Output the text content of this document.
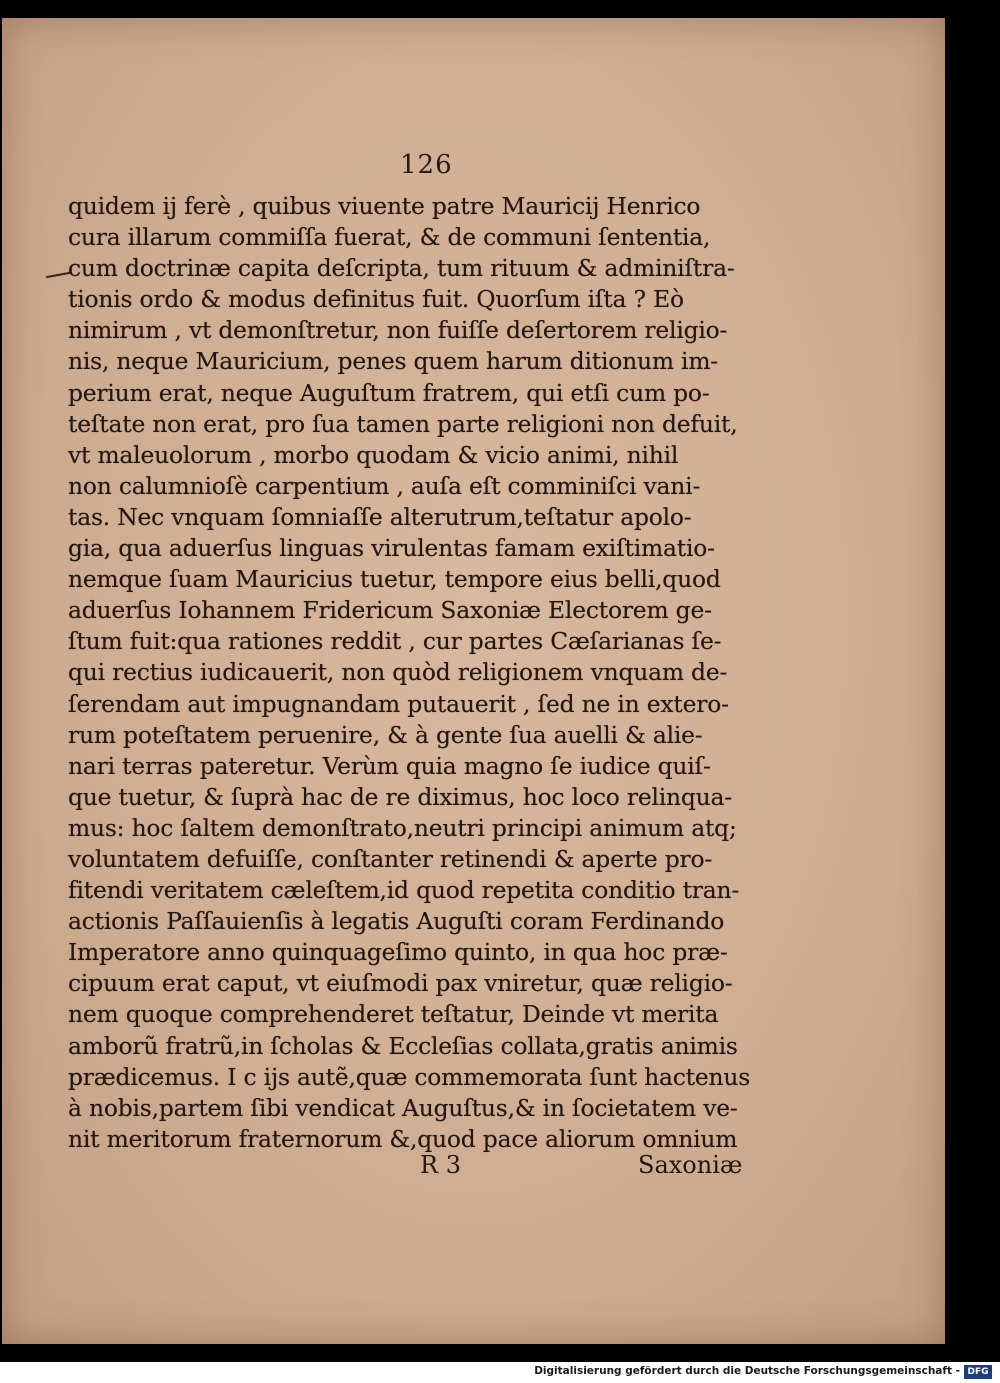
126
quidem ij ferè , quibus viuente patre Mauricij Henrico
cura illarum commiſſa fuerat, & de communi ſententia,
cum doctrinæ capita deſcripta, tum rituum & adminiſtra-
tionis ordo & modus definitus fuit. Quorſum iſta ? Eò
nimirum , vt demonſtretur, non fuiſſe deſertorem religio-
nis, neque Mauricium, penes quem harum ditionum im-
perium erat, neque Auguſtum fratrem, qui etſi cum po-
teſtate non erat, pro ſua tamen parte religioni non defuit,
vt maleuolorum , morbo quodam & vicio animi, nihil
non calumnioſè carpentium , auſa eſt comminiſci vani-
tas. Nec vnquam ſomniaſſe alterutrum,teſtatur apolo-
gia, qua aduerſus linguas virulentas famam exiſtimatio-
nemque ſuam Mauricius tuetur, tempore eius belli,quod
aduerſus Iohannem Fridericum Saxoniæ Electorem ge-
ſtum fuit:qua rationes reddit , cur partes Cæſarianas ſe-
qui rectius iudicauerit, non quòd religionem vnquam de-
ſerendam aut impugnandam putauerit , ſed ne in extero-
rum poteſtatem peruenire, & à gente ſua auelli & alie-
nari terras pateretur. Verùm quia magno ſe iudice quiſ-
que tuetur, & ſuprà hac de re diximus, hoc loco relinqua-
mus: hoc ſaltem demonſtrato,neutri principi animum atq;
voluntatem defuiſſe, conſtanter retinendi & aperte pro-
fitendi veritatem cæleſtem,id quod repetita conditio tran-
actionis Paſſauienſis à legatis Auguſti coram Ferdinando
Imperatore anno quinquageſimo quinto, in qua hoc præ-
cipuum erat caput, vt eiuſmodi pax vniretur, quæ religio-
nem quoque comprehenderet teſtatur, Deinde vt merita
amborũ fratrũ,in ſcholas & Eccleſias collata,gratis animis
prædicemus. I c ijs autẽ,quæ commemorata ſunt hactenus
à nobis,partem ſibi vendicat Auguſtus,& in ſocietatem ve-
nit meritorum fraternorum &,quod pace aliorum omnium
R 3	Saxoniæ
Digitalisierung gefördert durch die Deutsche Forschungsgemeinschaft - DFG
